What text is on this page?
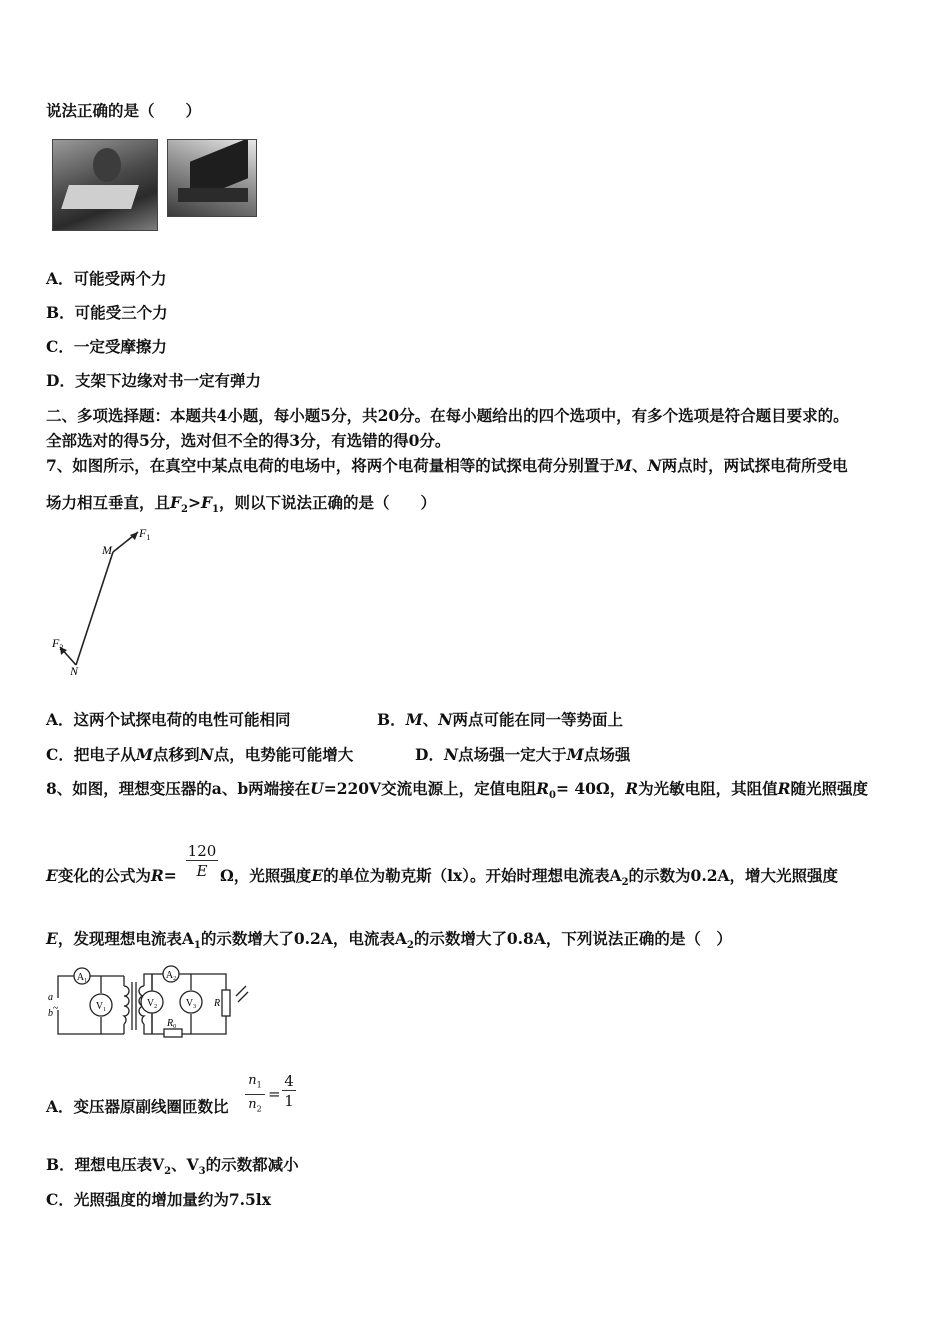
说法正确的是（　　）
A．可能受两个力
B．可能受三个力
C．一定受摩擦力
D．支架下边缘对书一定有弹力
二、多项选择题：本题共4小题，每小题5分，共20分。在每小题给出的四个选项中，有多个选项是符合题目要求的。
全部选对的得5分，选对但不全的得3分，有选错的得0分。
7、如图所示，在真空中某点电荷的电场中，将两个电荷量相等的试探电荷分别置于M、N两点时，两试探电荷所受电
场力相互垂直，且$F_2>F_1$，则以下说法正确的是（　　）
$F_1$
M
$F_2$
N
A．这两个试探电荷的电性可能相同	B．M、N两点可能在同一等势面上
C．把电子从M点移到N点，电势能可能增大	D．N点场强一定大于M点场强
8、如图，理想变压器的a、b两端接在U=220V交流电源上，定值电阻$R_0= 40\Omega$，R为光敏电阻，其阻值R随光照强度
$\frac{120}{E}$
E变化的公式为R=	Ω，光照强度E的单位为勒克斯（lx）。开始时理想电流表$A_2$的示数为0.2A，增大光照强度
E，发现理想电流表$A_1$的示数增大了0.2A，电流表$A_2$的示数增大了0.8A，下列说法正确的是（　）
$A_1$	$A_2$
$V_1$
$V_2$	$V_3$
a
b
R
$R_0$
~
A．变压器原副线圈匝数比 $\frac{n_1}{n_2} = \frac{4}{1}$
B．理想电压表$V_2$、$V_3$的示数都减小
C．光照强度的增加量约为7.5lx
